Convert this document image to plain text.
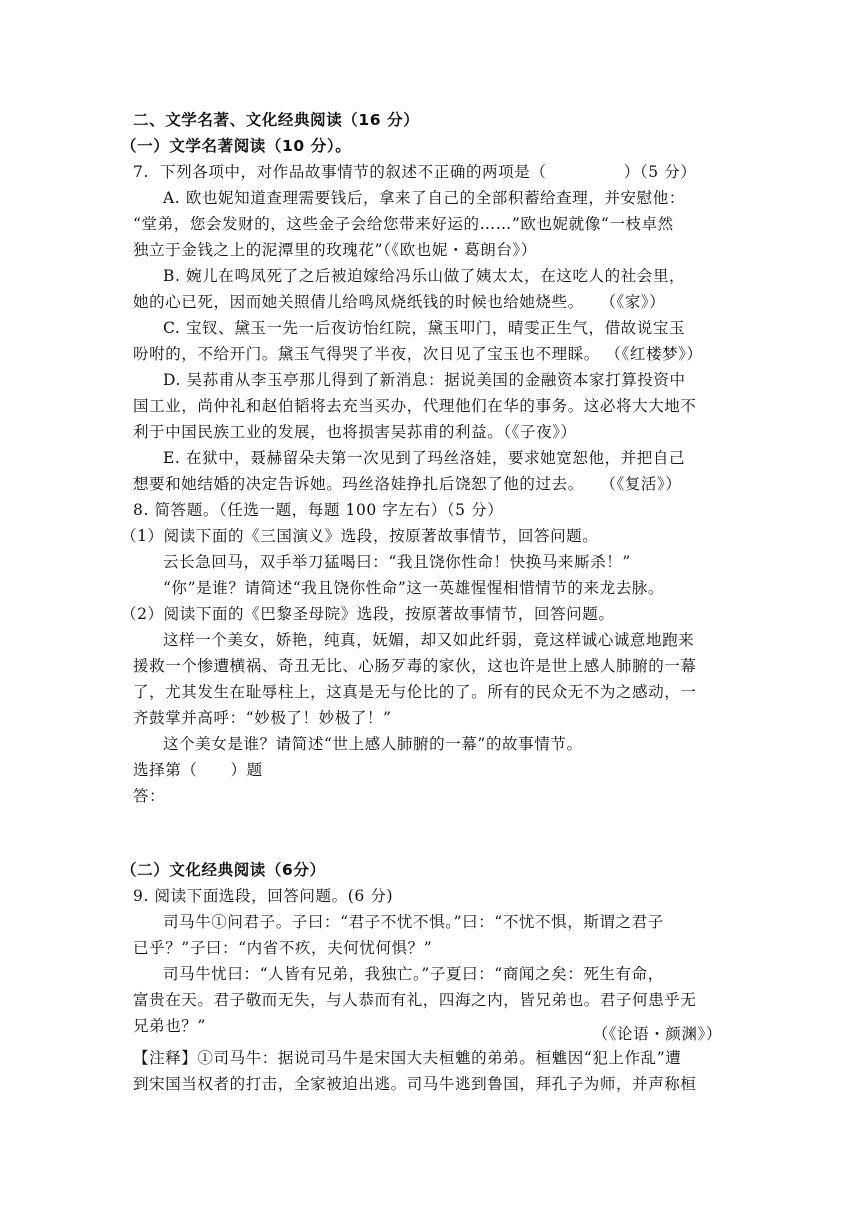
二、文学名著、文化经典阅读（16 分）
（一）文学名著阅读（10 分）。
7.  下列各项中，对作品故事情节的叙述不正确的两项是（              ）（5 分）
A. 欧也妮知道查理需要钱后，拿来了自己的全部积蓄给查理，并安慰他：
“堂弟，您会发财的，这些金子会给您带来好运的……”欧也妮就像“一枝卓然
独立于金钱之上的泥潭里的玫瑰花”（《欧也妮・葛朗台》）
B. 婉儿在鸣凤死了之后被迫嫁给冯乐山做了姨太太，在这吃人的社会里，
她的心已死，因而她关照倩儿给鸣凤烧纸钱的时候也给她烧些。   （《家》）
C. 宝钗、黛玉一先一后夜访怡红院，黛玉叩门，晴雯正生气，借故说宝玉
吩咐的，不给开门。黛玉气得哭了半夜，次日见了宝玉也不理睬。 （《红楼梦》）
D. 吴荪甫从李玉亭那儿得到了新消息：据说美国的金融资本家打算投资中
国工业，尚仲礼和赵伯韬将去充当买办，代理他们在华的事务。这必将大大地不
利于中国民族工业的发展，也将损害吴荪甫的利益。（《子夜》）
E. 在狱中，聂赫留朵夫第一次见到了玛丝洛娃，要求她宽恕他，并把自己
想要和她结婚的决定告诉她。玛丝洛娃挣扎后饶恕了他的过去。   （《复活》）
8. 简答题。（任选一题，每题 100 字左右）（5 分）
（1）阅读下面的《三国演义》选段，按原著故事情节，回答问题。
云长急回马，双手举刀猛喝曰：“我且饶你性命！快换马来厮杀！”
“你”是谁？请简述“我且饶你性命”这一英雄惺惺相惜情节的来龙去脉。
（2）阅读下面的《巴黎圣母院》选段，按原著故事情节，回答问题。
这样一个美女，娇艳，纯真，妩媚，却又如此纤弱，竟这样诚心诚意地跑来
援救一个惨遭横祸、奇丑无比、心肠歹毒的家伙，这也许是世上感人肺腑的一幕
了，尤其发生在耻辱柱上，这真是无与伦比的了。所有的民众无不为之感动，一
齐鼓掌并高呼：“妙极了！妙极了！”
这个美女是谁？请简述“世上感人肺腑的一幕”的故事情节。
选择第（      ）题
答：
（二）文化经典阅读（6分）
9. 阅读下面选段，回答问题。(6 分)
司马牛①问君子。子曰：“君子不忧不惧。”曰：“不忧不惧，斯谓之君子
已乎？”子曰：“内省不疚，夫何忧何惧？”
司马牛忧曰：“人皆有兄弟，我独亡。”子夏曰：“商闻之矣：死生有命，
富贵在天。君子敬而无失，与人恭而有礼，四海之内，皆兄弟也。君子何患乎无
兄弟也？”	（《论语・颜渊》）
【注释】①司马牛：据说司马牛是宋国大夫桓魋的弟弟。桓魋因“犯上作乱”遭
到宋国当权者的打击，全家被迫出逃。司马牛逃到鲁国，拜孔子为师，并声称桓
